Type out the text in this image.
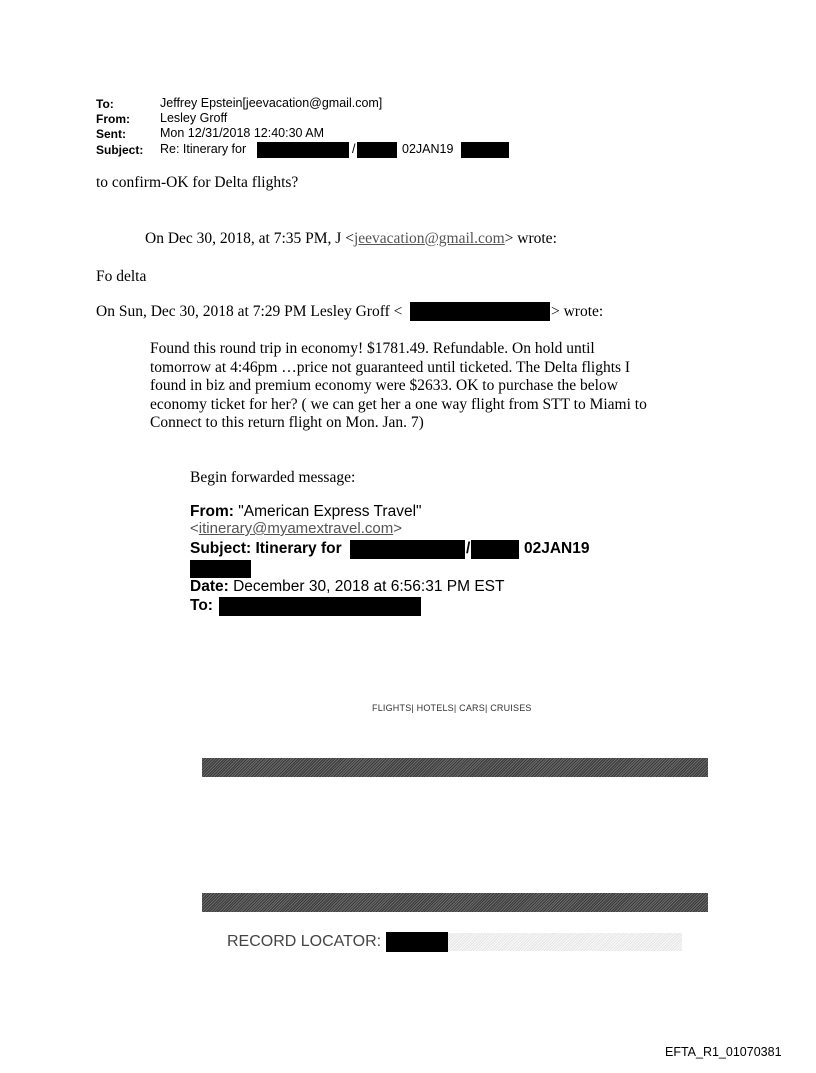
To:	Jeffrey Epstein[jeevacation@gmail.com]
From: Lesley Groff
Sent:	Mon 12/31/2018 12:40:30 AM
Subject: Re: Itinerary for	/	02JAN19
to confirm-OK for Delta flights?
On Dec 30, 2018, at 7:35 PM, J <jeevacation@gmail.com> wrote:
Fo delta
On Sun, Dec 30, 2018 at 7:29 PM Lesley Groff <	> wrote:
Found this round trip in economy! $1781.49. Refundable. On hold until
tomorrow at 4:46pm …price not guaranteed until ticketed. The Delta flights I
found in biz and premium economy were $2633. OK to purchase the below
economy ticket for her? ( we can get her a one way flight from STT to Miami to
Connect to this return flight on Mon. Jan. 7)
Begin forwarded message:
From: "American Express Travel"
<itinerary@myamextravel.com>
Subject: Itinerary for	/	02JAN19
Date: December 30, 2018 at 6:56:31 PM EST
To:
FLIGHTS| HOTELS| CARS| CRUISES
RECORD LOCATOR:
EFTA_R1_01070381
